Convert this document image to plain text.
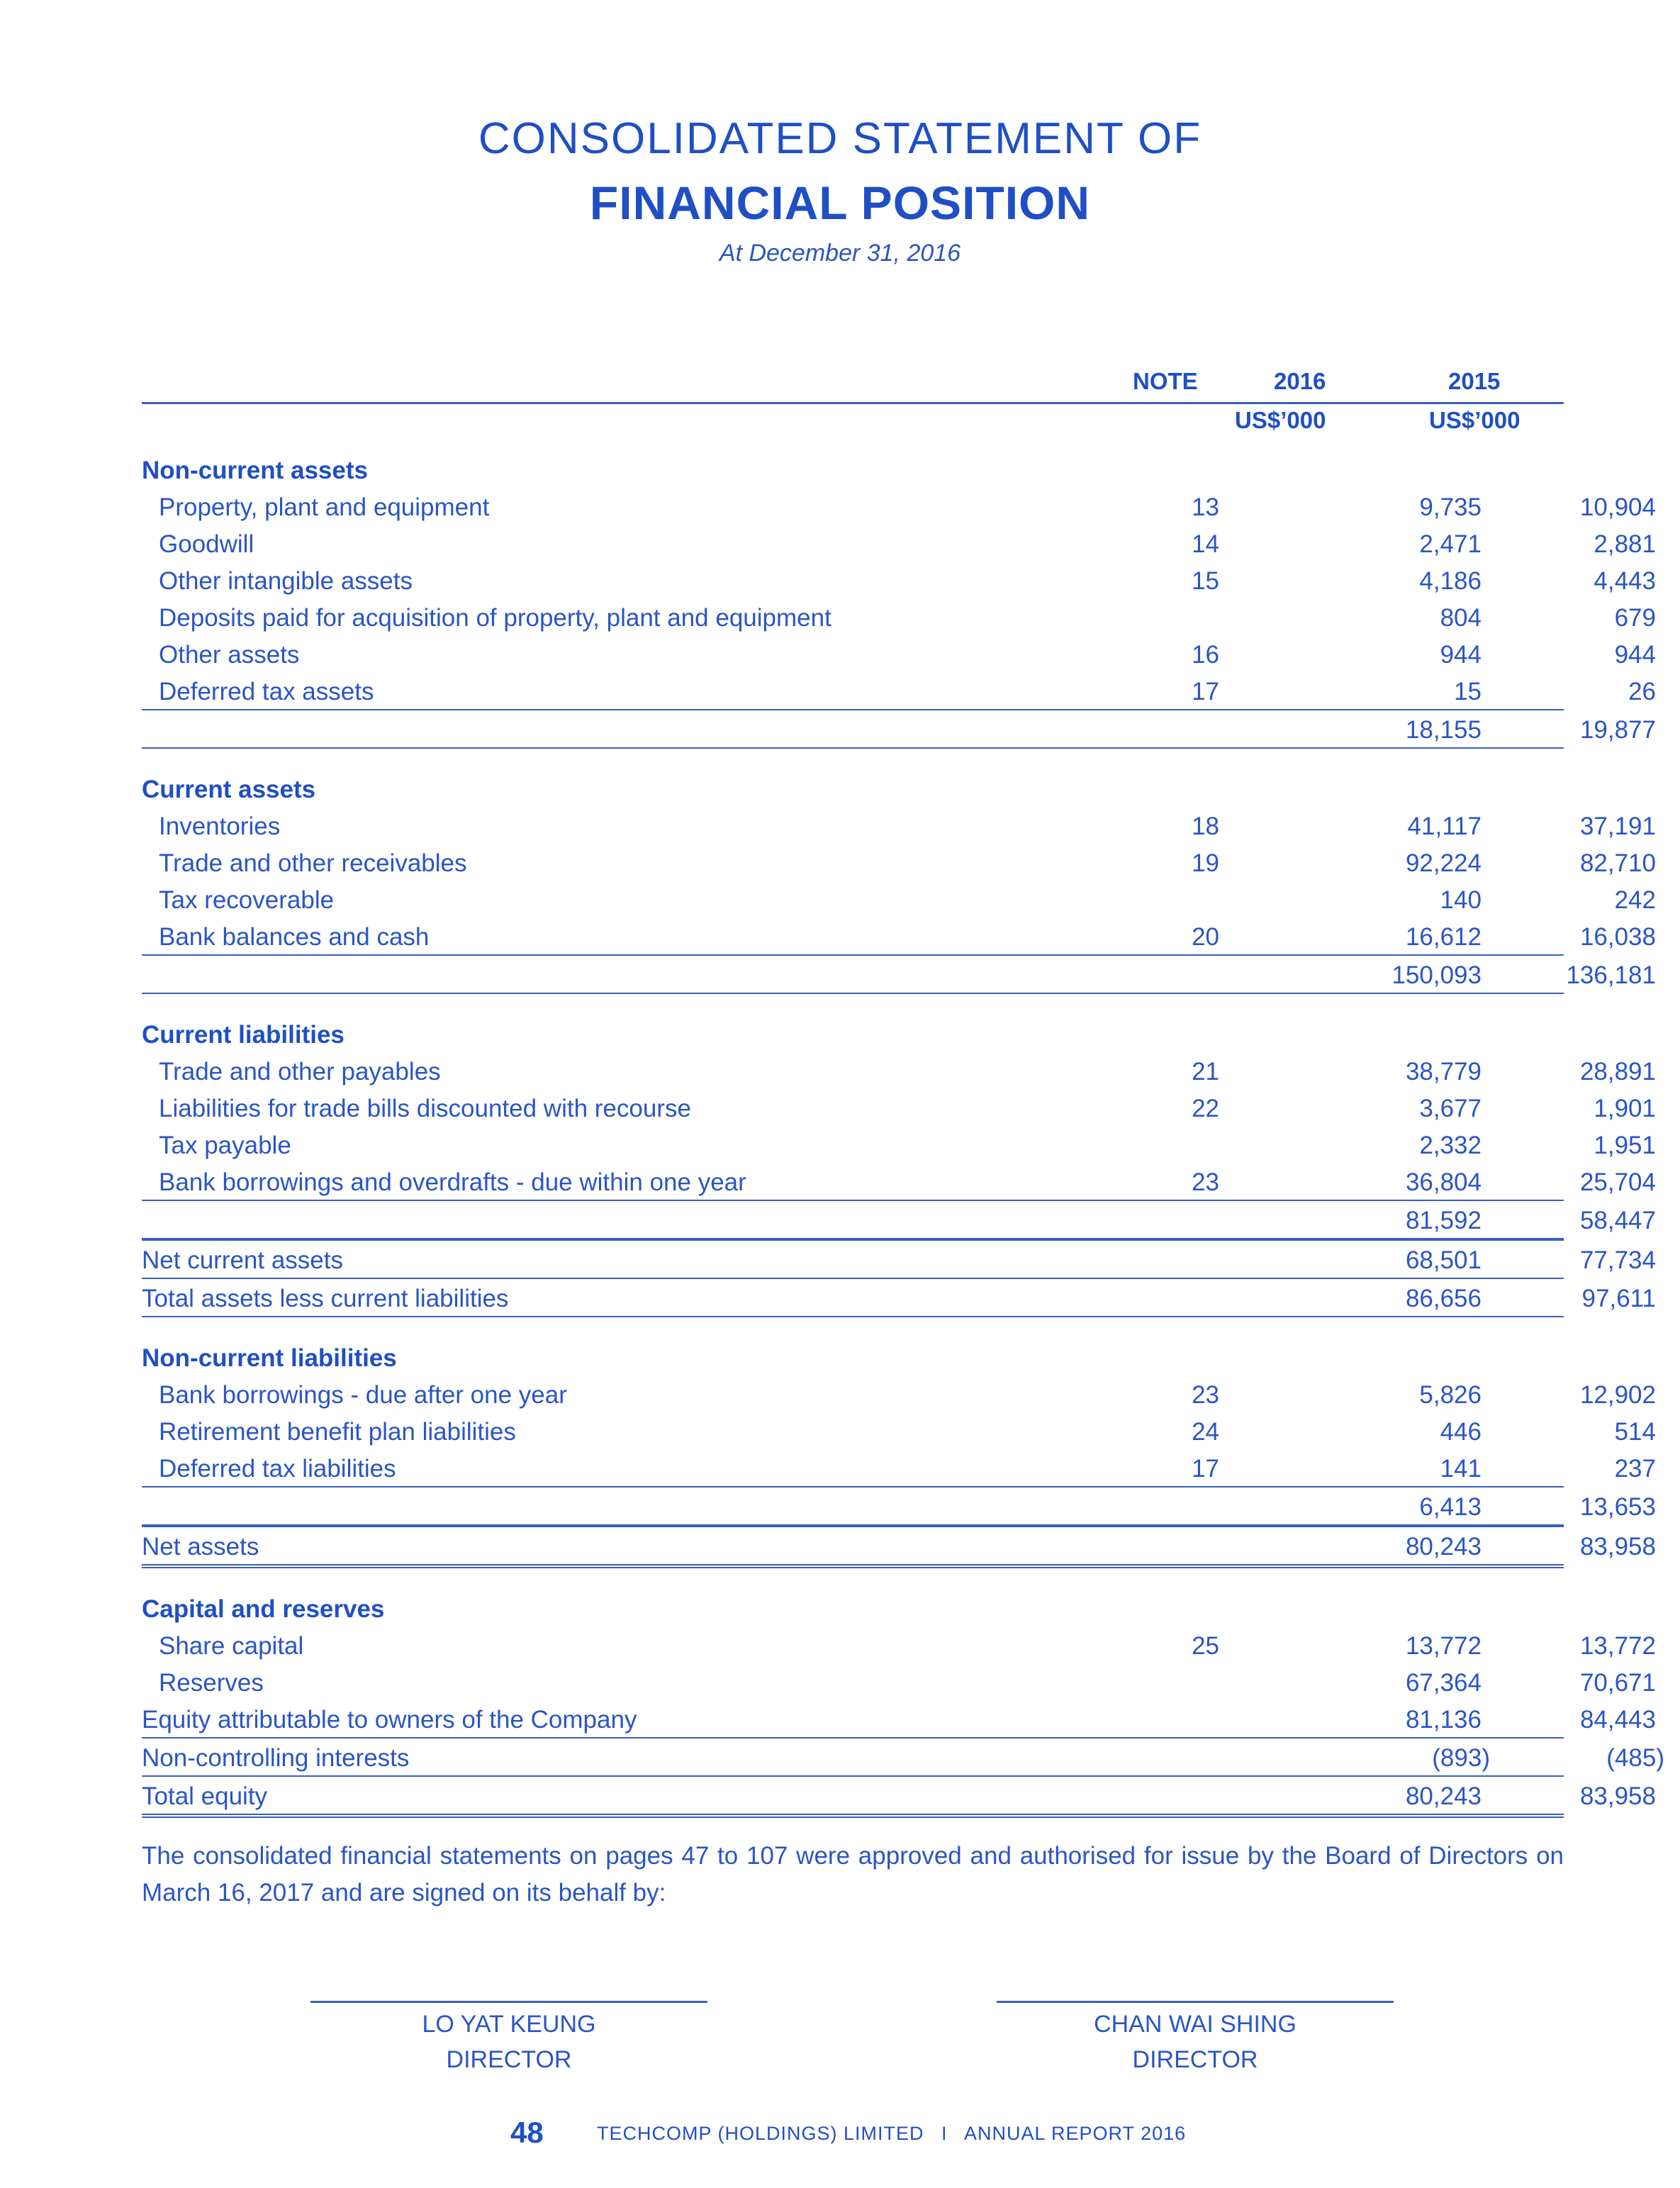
CONSOLIDATED STATEMENT OF
FINANCIAL POSITION
At December 31, 2016
NOTE	2016	2015
US$’000	US$’000
Non-current assets
Property, plant and equipment	13	9,735	10,904
Goodwill	14	2,471	2,881
Other intangible assets	15	4,186	4,443
Deposits paid for acquisition of property, plant and equipment	804	679
Other assets	16	944	944
Deferred tax assets	17	15	26
18,155	19,877
Current assets
Inventories	18	41,117	37,191
Trade and other receivables	19	92,224	82,710
Tax recoverable	140	242
Bank balances and cash	20	16,612	16,038
150,093	136,181
Current liabilities
Trade and other payables	21	38,779	28,891
Liabilities for trade bills discounted with recourse	22	3,677	1,901
Tax payable	2,332	1,951
Bank borrowings and overdrafts - due within one year	23	36,804	25,704
81,592	58,447
Net current assets	68,501	77,734
Total assets less current liabilities	86,656	97,611
Non-current liabilities
Bank borrowings - due after one year	23	5,826	12,902
Retirement benefit plan liabilities	24	446	514
Deferred tax liabilities	17	141	237
6,413	13,653
Net assets	80,243	83,958
Capital and reserves
Share capital	25	13,772	13,772
Reserves	67,364	70,671
Equity attributable to owners of the Company	81,136	84,443
Non-controlling interests	(893)	(485)
Total equity	80,243	83,958
The consolidated financial statements on pages 47 to 107 were approved and authorised for issue by the Board of Directors on March 16, 2017 and are signed on its behalf by:
LO YAT KEUNG
DIRECTOR
CHAN WAI SHING
DIRECTOR
48	TECHCOMP (HOLDINGS) LIMITED I ANNUAL REPORT 2016
